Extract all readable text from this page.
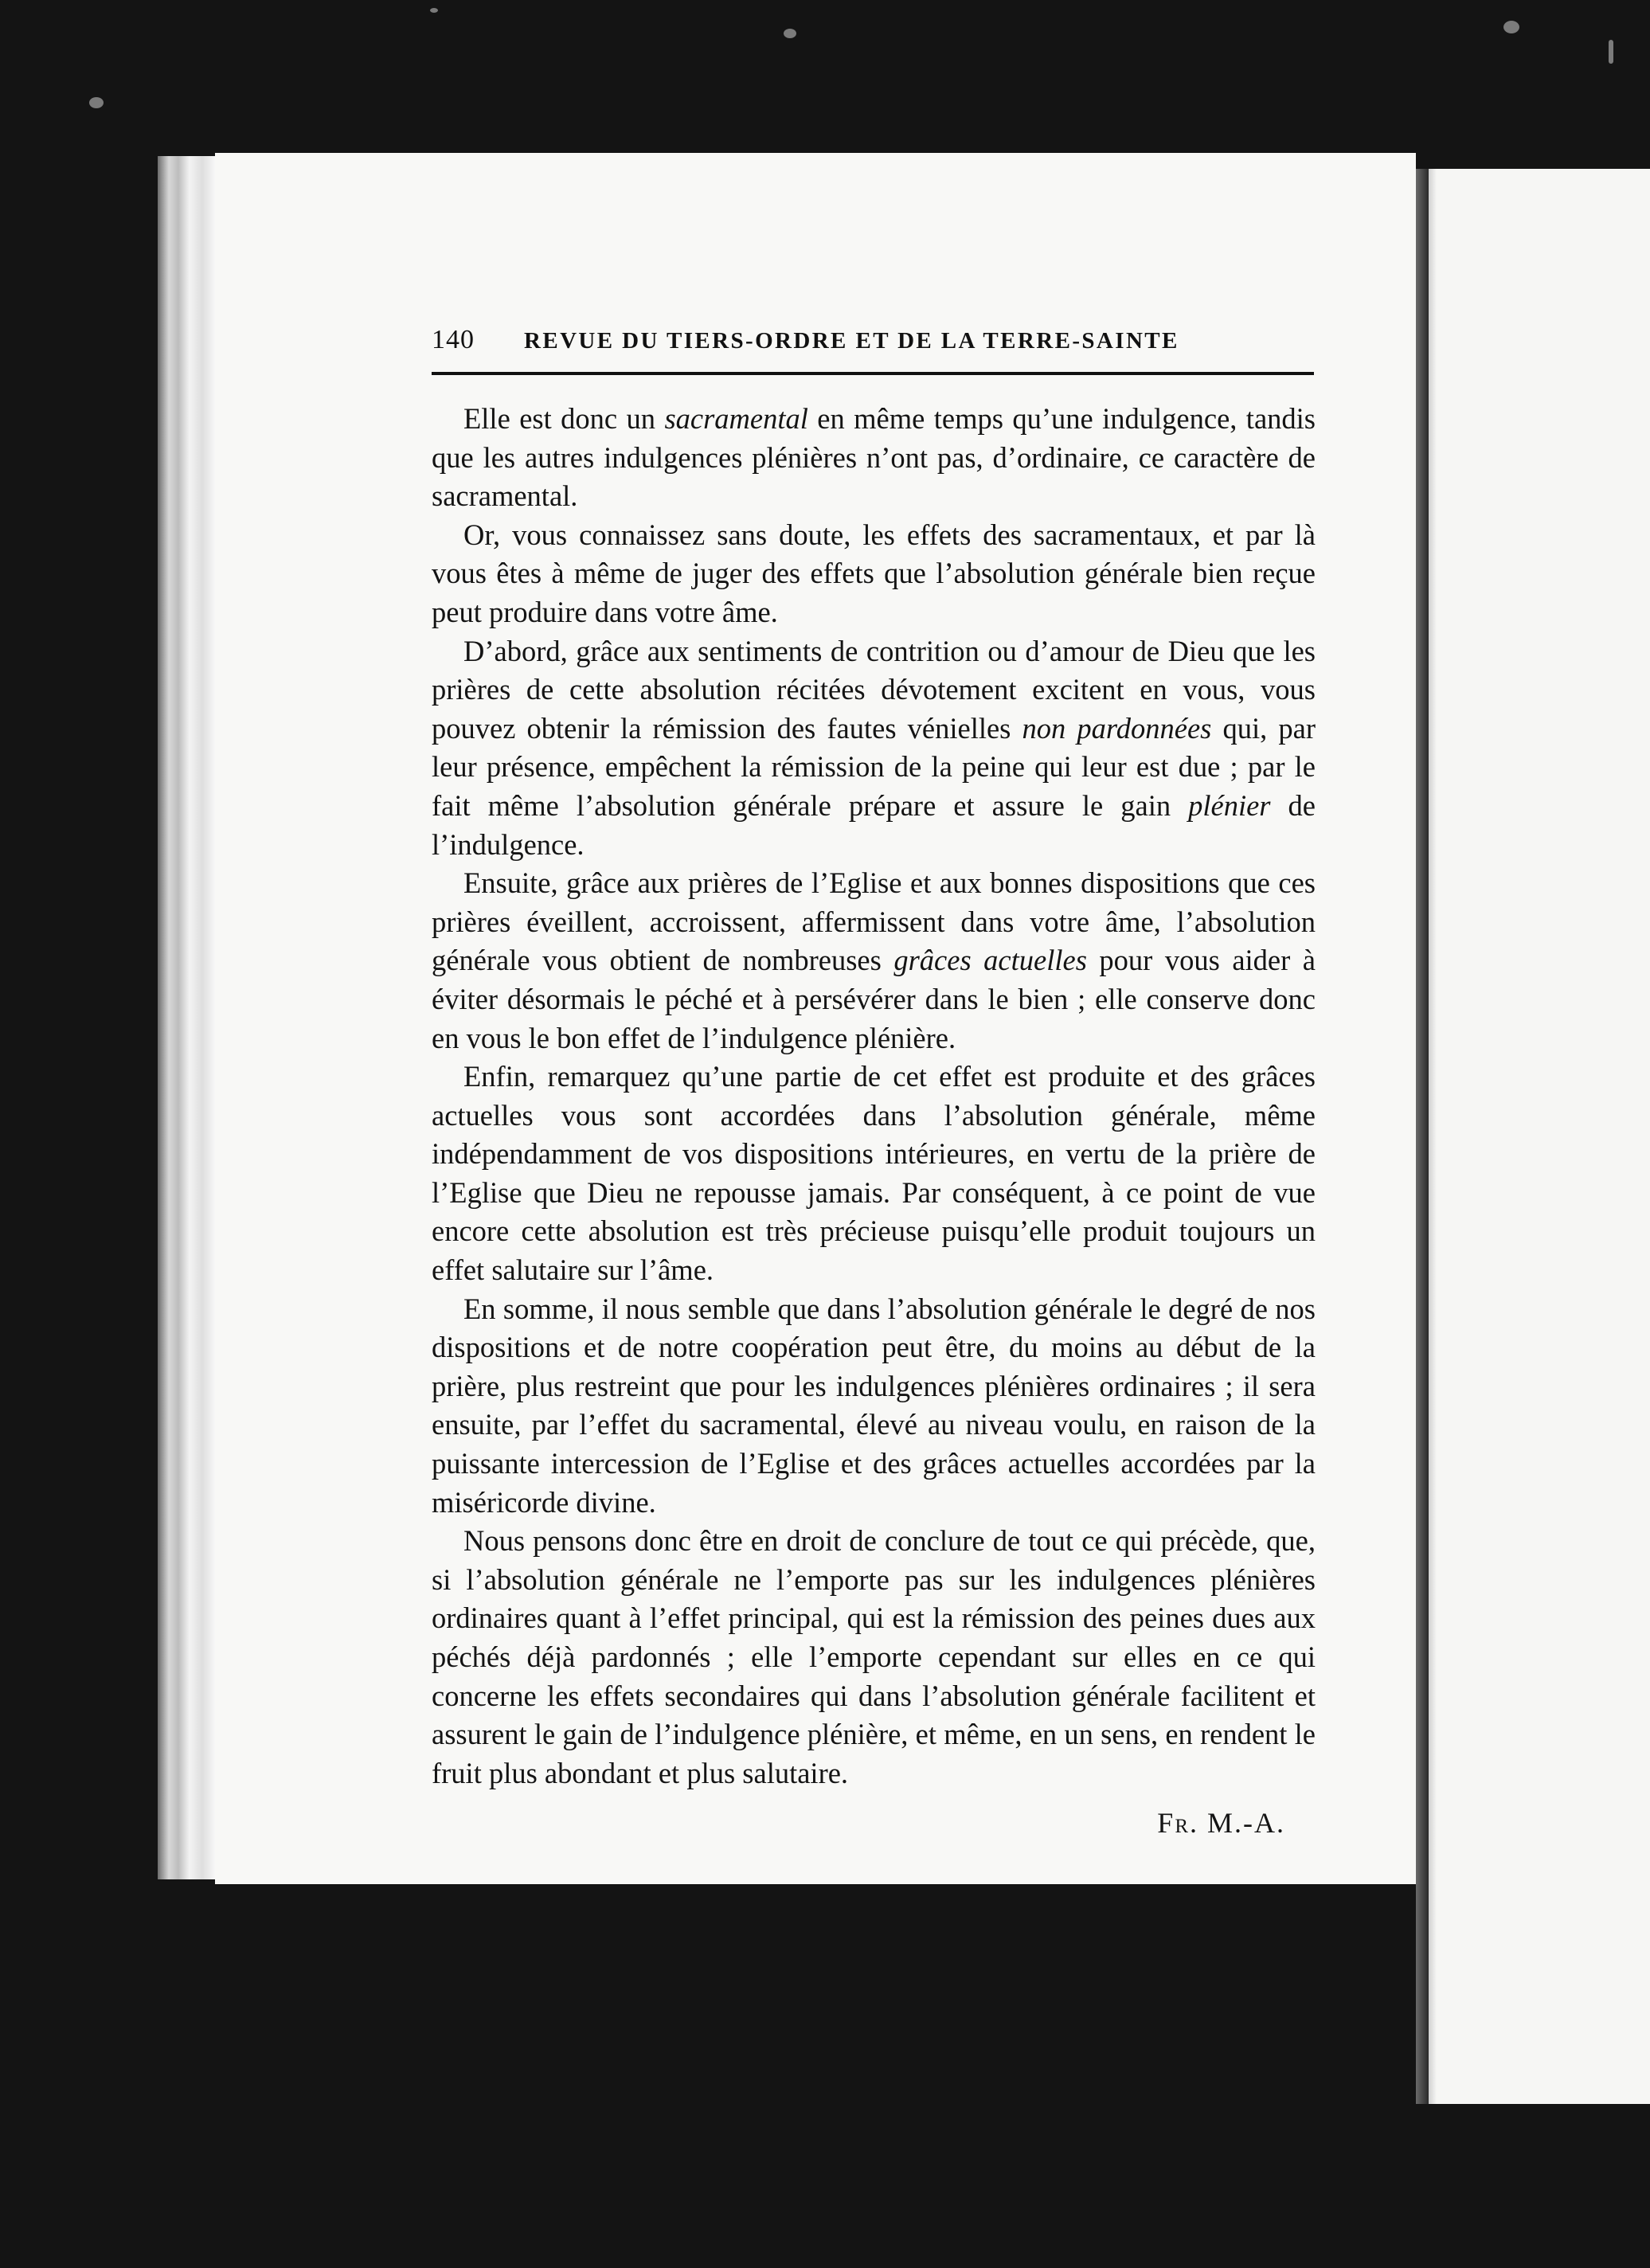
140 REVUE DU TIERS-ORDRE ET DE LA TERRE-SAINTE

Elle est donc un sacramental en même temps qu’une indulgence, tandis que les autres indulgences plénières n’ont pas, d’ordinaire, ce caractère de sacramental.

Or, vous connaissez sans doute, les effets des sacramentaux, et par là vous êtes à même de juger des effets que l’absolution générale bien reçue peut produire dans votre âme.

D’abord, grâce aux sentiments de contrition ou d’amour de Dieu que les prières de cette absolution récitées dévotement excitent en vous, vous pouvez obtenir la rémission des fautes vénielles non pardonnées qui, par leur présence, empêchent la rémission de la peine qui leur est due ; par le fait même l’absolution générale prépare et assure le gain plénier de l’indulgence.

Ensuite, grâce aux prières de l’Eglise et aux bonnes dispositions que ces prières éveillent, accroissent, affermissent dans votre âme, l’absolution générale vous obtient de nombreuses grâces actuelles pour vous aider à éviter désormais le péché et à persévérer dans le bien ; elle conserve donc en vous le bon effet de l’indulgence plénière.

Enfin, remarquez qu’une partie de cet effet est produite et des grâces actuelles vous sont accordées dans l’absolution générale, même indépendamment de vos dispositions intérieures, en vertu de la prière de l’Eglise que Dieu ne repousse jamais. Par conséquent, à ce point de vue encore cette absolution est très précieuse puisqu’elle produit toujours un effet salutaire sur l’âme.

En somme, il nous semble que dans l’absolution générale le degré de nos dispositions et de notre coopération peut être, du moins au début de la prière, plus restreint que pour les indulgences plénières ordinaires ; il sera ensuite, par l’effet du sacramental, élevé au niveau voulu, en raison de la puissante intercession de l’Eglise et des grâces actuelles accordées par la miséricorde divine.

Nous pensons donc être en droit de conclure de tout ce qui précède, que, si l’absolution générale ne l’emporte pas sur les indulgences plénières ordinaires quant à l’effet principal, qui est la rémission des peines dues aux péchés déjà pardonnés ; elle l’emporte cependant sur elles en ce qui concerne les effets secondaires qui dans l’absolution générale facilitent et assurent le gain de l’indulgence plénière, et même, en un sens, en rendent le fruit plus abondant et plus salutaire.

Fr. M.-A.
